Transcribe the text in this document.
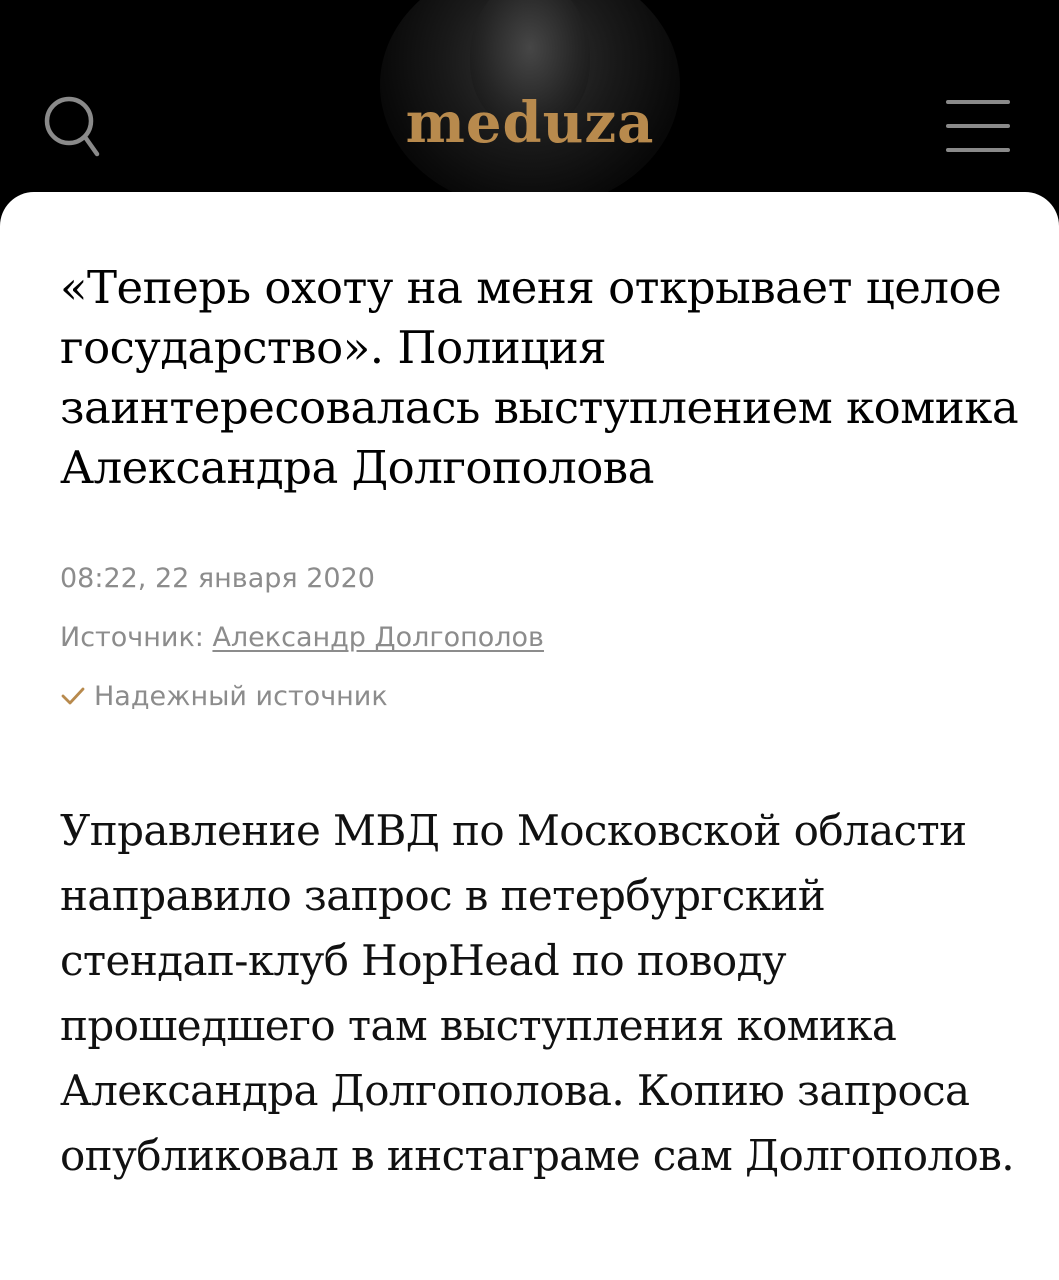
meduza
«Теперь охоту на меня открывает целое государство». Полиция заинтересовалась выступлением комика Александра Долгополова
08:22, 22 января 2020
Источник: Александр Долгополов
Надежный источник

Управление МВД по Московской области направило запрос в петербургский стендап-клуб HopHead по поводу прошедшего там выступления комика Александра Долгополова. Копию запроса опубликовал в инстаграме сам Долгополов.
